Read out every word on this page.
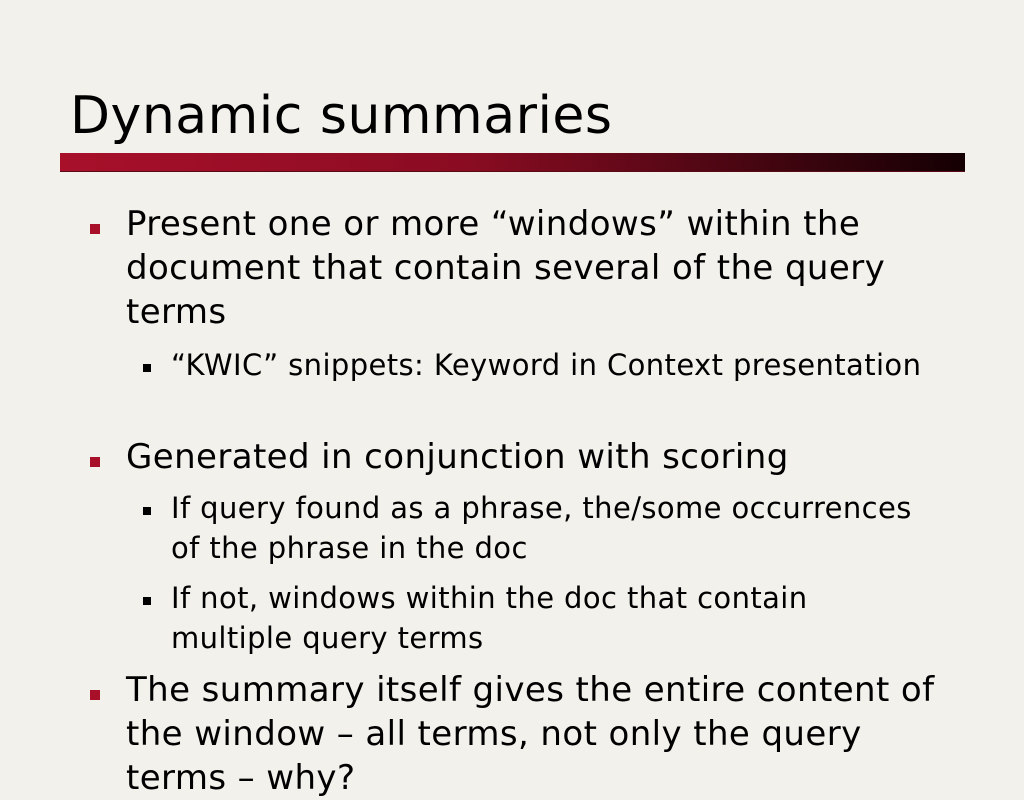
Dynamic summaries
Present one or more “windows” within the document that contain several of the query terms
“KWIC” snippets: Keyword in Context presentation
Generated in conjunction with scoring
If query found as a phrase, the/some occurrences of the phrase in the doc
If not, windows within the doc that contain multiple query terms
The summary itself gives the entire content of the window – all terms, not only the query terms – why?
